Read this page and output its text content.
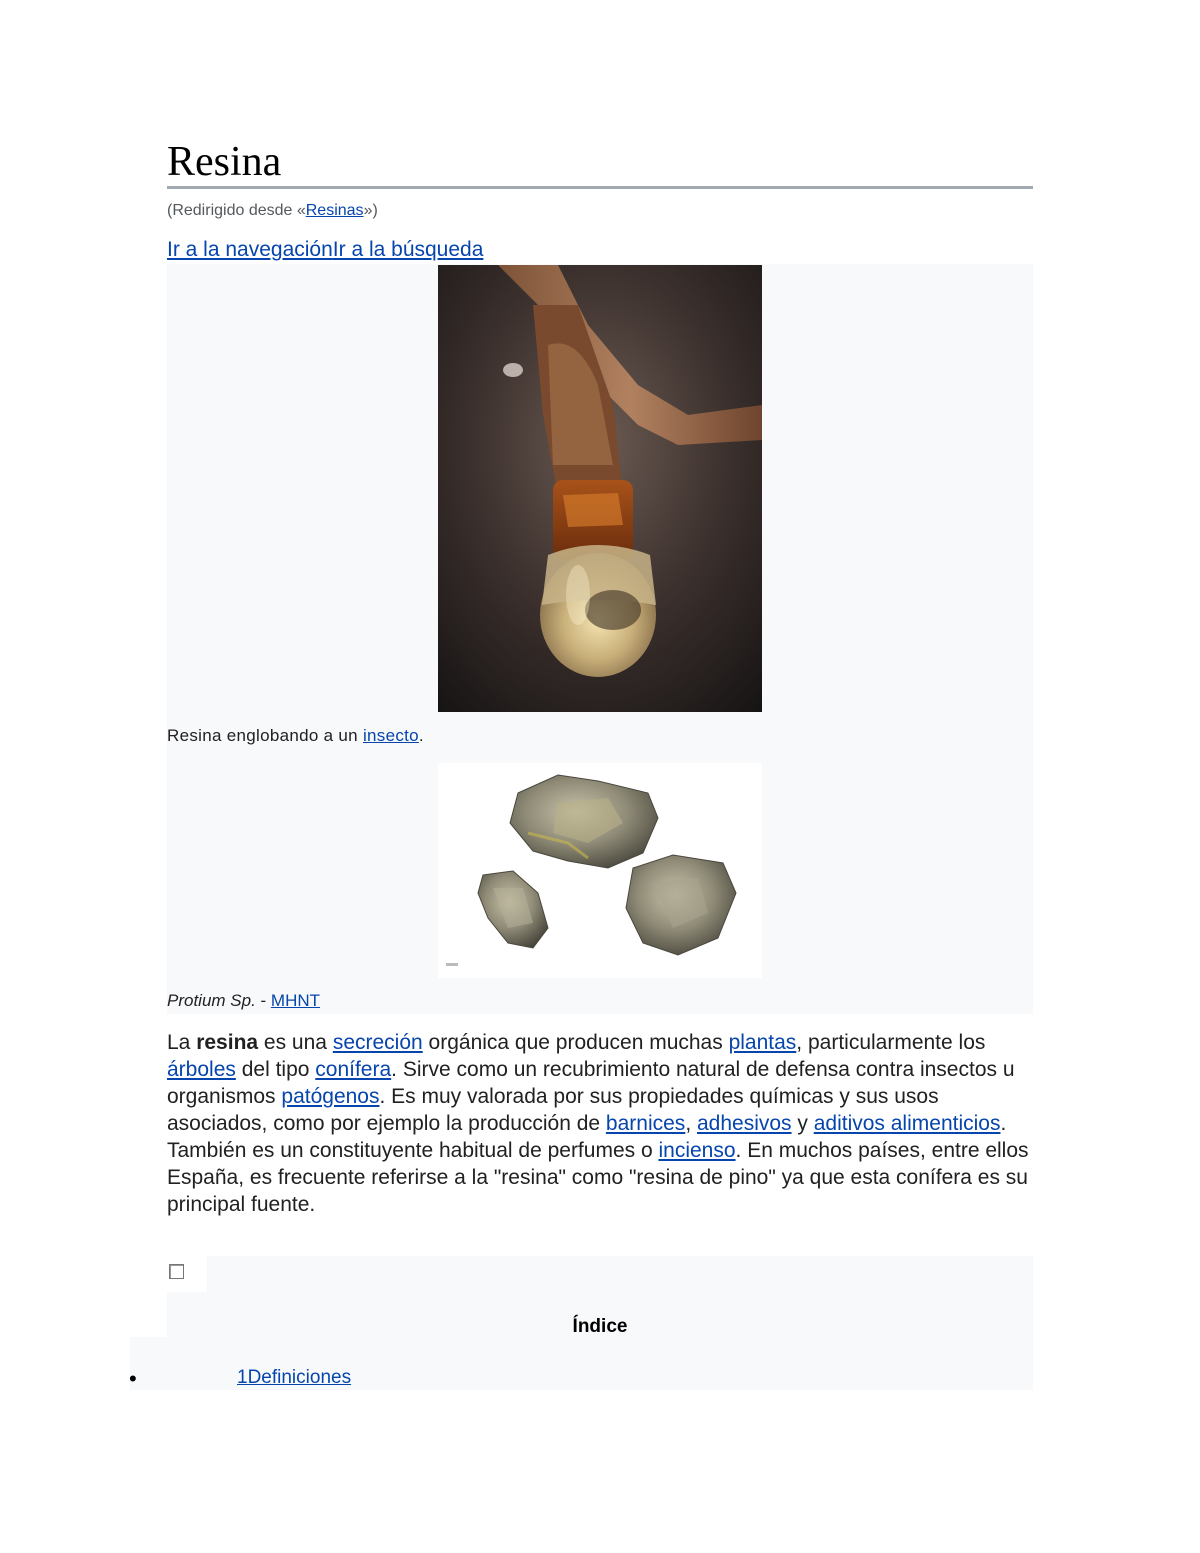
Resina
(Redirigido desde «Resinas»)
Ir a la navegaciónIr a la búsqueda
Resina englobando a un insecto.
Protium Sp. - MHNT

La resina es una secreción orgánica que producen muchas plantas, particularmente los árboles del tipo conífera. Sirve como un recubrimiento natural de defensa contra insectos u organismos patógenos. Es muy valorada por sus propiedades químicas y sus usos asociados, como por ejemplo la producción de barnices, adhesivos y aditivos alimenticios. También es un constituyente habitual de perfumes o incienso. En muchos países, entre ellos España, es frecuente referirse a la "resina" como "resina de pino" ya que esta conífera es su principal fuente.

Índice
•	1Definiciones
